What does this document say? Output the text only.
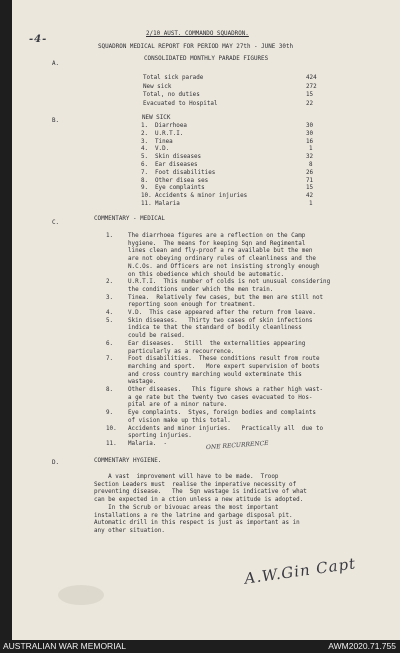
-4-	2/10 AUST. COMMANDO SQUADRON.
SQUADRON MEDICAL REPORT FOR PERIOD MAY 27th - JUNE 30th
A.
CONSOLIDATED MONTHLY PARADE FIGURES
Total sick parade	424
New sick	272
Total, no duties	15
Evacuated to Hospital	22
B.	NEW SICK
1. Diarrhoea	30
2. U.R.T.I.	30
3. Tinea	16
4. V.D.	1
5. Skin diseases	32
6. Ear diseases	8
7. Foot disabilities	26
8. Other disea ses	71
9. Eye complaints	15
10. Accidents & minor injuries	42
11. Malaria	1
C.
COMMENTARY - MEDICAL
1.	The diarrhoea figures are a reflection on the Camp
hygiene.  The means for keeping Sqn and Regimental
lines clean and fly-proof a re available but the men
are not obeying ordinary rules of cleanliness and the
N.C.Os. and Officers are not insisting strongly enough
on this obedience which should be automatic.
2.	U.R.T.I.  This number of colds is not unusual considering
the conditions under which the men train.
3.	Tinea.  Relatively few cases, but the men are still not
reporting soon enough for treatment.
4.	V.D.  This case appeared after the return from leave.
5.	Skin diseases.   Thirty two cases of skin infections
indica te that the standard of bodily cleanliness
could be raised.
6.	Ear diseases.   Still  the externalities appearing
particularly as a recourrence.
7.	Foot disabilities.  These conditions result from route
marching and sport.   More expert supervision of boots
and cross country marching would exterminate this
wastage.
8.	Other diseases.   This figure shows a rather high wast-
a ge rate but the twenty two cases evacuated to Hos-
pital are of a minor nature.
9.	Eye complaints.  Styes, foreign bodies and complaints
of vision make up this total.
10. Accidents and minor injuries.   Practically all  due to
sporting injuries.
11. Malaria.  -	ONE RECURRENCE
D.	COMMENTARY HYGIENE.
A vast  improvement will have to be made.  Troop
Section Leaders must  realise the imperative necessity of
preventing disease.   The  Sqn wastage is indicative of what
can be expected in a ction unless a new atitude is adopted.
In the Scrub or bivouac areas the most important
installations a re the latrine and garbage disposal pit.
Automatic drill in this respect is just as important as in
any other situation.
A.W.Gin Capt
AUSTRALIAN WAR MEMORIAL	AWM2020.71.755
